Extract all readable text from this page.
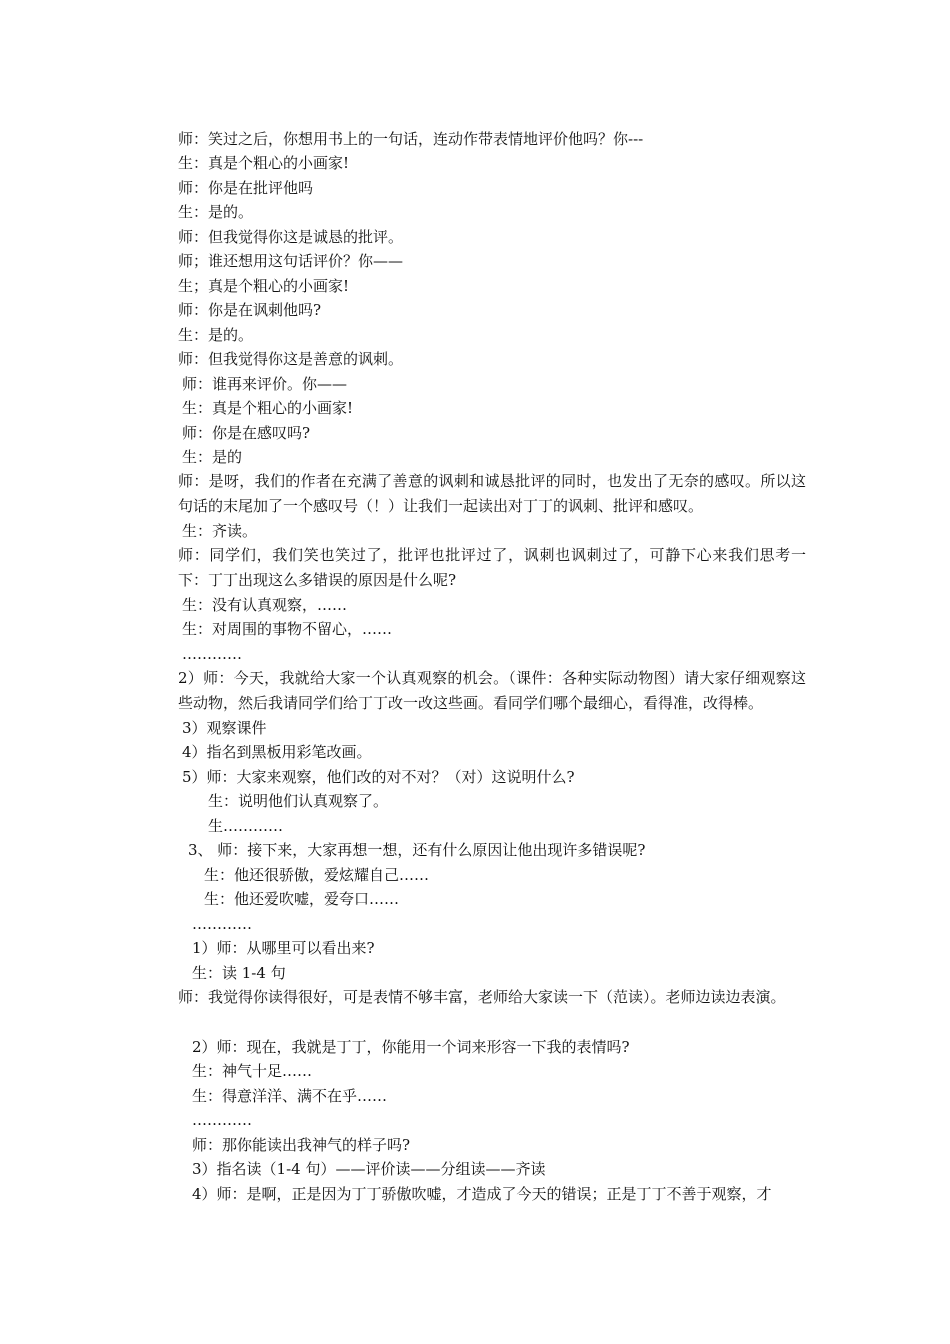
师：笑过之后，你想用书上的一句话，连动作带表情地评价他吗？你---
生：真是个粗心的小画家!
师：你是在批评他吗
生：是的。
师：但我觉得你这是诚恳的批评。
师；谁还想用这句话评价？你——
生；真是个粗心的小画家!
师：你是在讽刺他吗?
生：是的。
师：但我觉得你这是善意的讽刺。
师：谁再来评价。你——
生：真是个粗心的小画家!
师：你是在感叹吗?
生：是的
师：是呀，我们的作者在充满了善意的讽刺和诚恳批评的同时，也发出了无奈的感叹。所以这句话的末尾加了一个感叹号（！）让我们一起读出对丁丁的讽刺、批评和感叹。
生：齐读。
师：同学们，我们笑也笑过了，批评也批评过了，讽刺也讽刺过了，可静下心来我们思考一下：丁丁出现这么多错误的原因是什么呢?
生：没有认真观察，……
生：对周围的事物不留心，……
…………
2）师：今天，我就给大家一个认真观察的机会。（课件：各种实际动物图）请大家仔细观察这些动物，然后我请同学们给丁丁改一改这些画。看同学们哪个最细心，看得准，改得棒。
3）观察课件
4）指名到黑板用彩笔改画。
5）师：大家来观察，他们改的对不对？（对）这说明什么?
生：说明他们认真观察了。
生…………
3、 师：接下来，大家再想一想，还有什么原因让他出现许多错误呢?
生：他还很骄傲，爱炫耀自己……
生：他还爱吹嘘，爱夸口……
…………
1）师：从哪里可以看出来?
生：读 1-4 句
师：我觉得你读得很好，可是表情不够丰富，老师给大家读一下（范读）。老师边读边表演。
2）师：现在，我就是丁丁，你能用一个词来形容一下我的表情吗?
生：神气十足……
生：得意洋洋、满不在乎……
…………
师：那你能读出我神气的样子吗?
3）指名读（1-4 句）——评价读——分组读——齐读
4）师：是啊，正是因为丁丁骄傲吹嘘，才造成了今天的错误；正是丁丁不善于观察，才
